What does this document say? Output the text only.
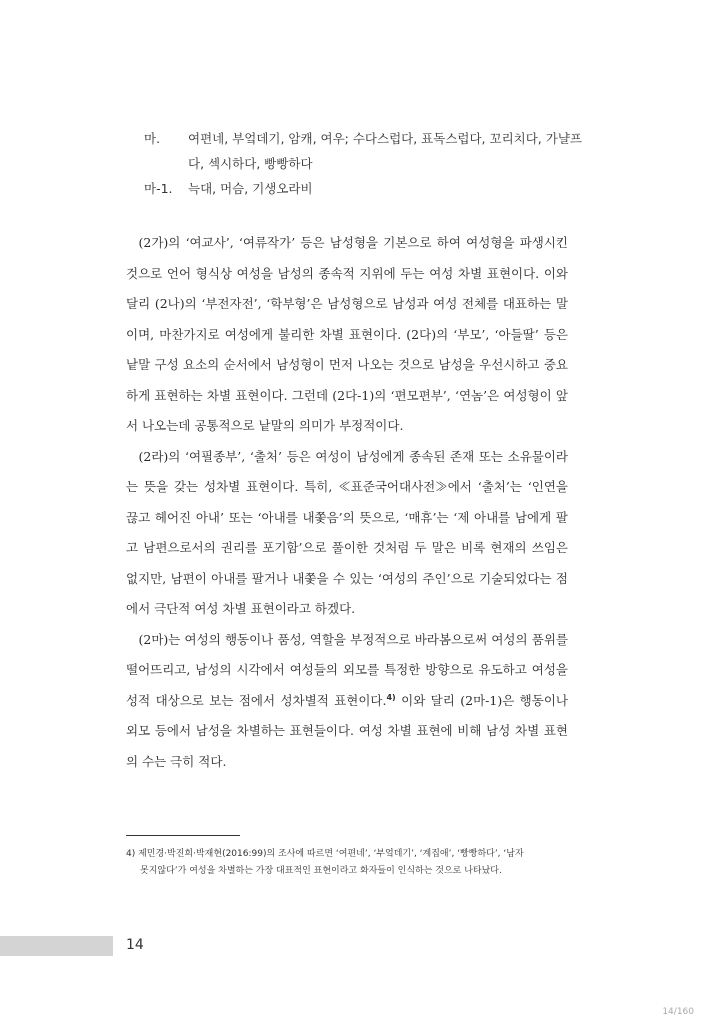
마.	여편네, 부엌데기, 암캐, 여우; 수다스럽다, 표독스럽다, 꼬리치다, 가냘프다, 섹시하다, 빵빵하다
마-1.	늑대, 머슴, 기생오라비

(2가)의 ‘여교사’, ‘여류작가’ 등은 남성형을 기본으로 하여 여성형을 파생시킨 것으로 언어 형식상 여성을 남성의 종속적 지위에 두는 여성 차별 표현이다. 이와 달리 (2나)의 ‘부전자전’, ‘학부형’은 남성형으로 남성과 여성 전체를 대표하는 말이며, 마찬가지로 여성에게 불리한 차별 표현이다. (2다)의 ‘부모’, ‘아들딸’ 등은 낱말 구성 요소의 순서에서 남성형이 먼저 나오는 것으로 남성을 우선시하고 중요하게 표현하는 차별 표현이다. 그런데 (2다-1)의 ‘편모편부’, ‘연놈’은 여성형이 앞서 나오는데 공통적으로 낱말의 의미가 부정적이다.

(2라)의 ‘여필종부’, ‘출처’ 등은 여성이 남성에게 종속된 존재 또는 소유물이라는 뜻을 갖는 성차별 표현이다. 특히, ≪표준국어대사전≫에서 ‘출처’는 ‘인연을 끊고 헤어진 아내’ 또는 ‘아내를 내쫓음’의 뜻으로, ‘매휴’는 ‘제 아내를 남에게 팔고 남편으로서의 권리를 포기함’으로 풀이한 것처럼 두 말은 비록 현재의 쓰임은 없지만, 남편이 아내를 팔거나 내쫓을 수 있는 ‘여성의 주인’으로 기술되었다는 점에서 극단적 여성 차별 표현이라고 하겠다.

(2마)는 여성의 행동이나 품성, 역할을 부정적으로 바라봄으로써 여성의 품위를 떨어뜨리고, 남성의 시각에서 여성들의 외모를 특정한 방향으로 유도하고 여성을 성적 대상으로 보는 점에서 성차별적 표현이다.$^{4)}$ 이와 달리 (2마-1)은 행동이나 외모 등에서 남성을 차별하는 표현들이다. 여성 차별 표현에 비해 남성 차별 표현의 수는 극히 적다.

4) 제민경·박진희·박재현(2016:99)의 조사에 따르면 ‘여편네’, ‘부엌데기’, ‘계집애’, ‘빵빵하다’, ‘남자
못지않다’가 여성을 차별하는 가장 대표적인 표현이라고 화자들이 인식하는 것으로 나타났다.
14
14/160
